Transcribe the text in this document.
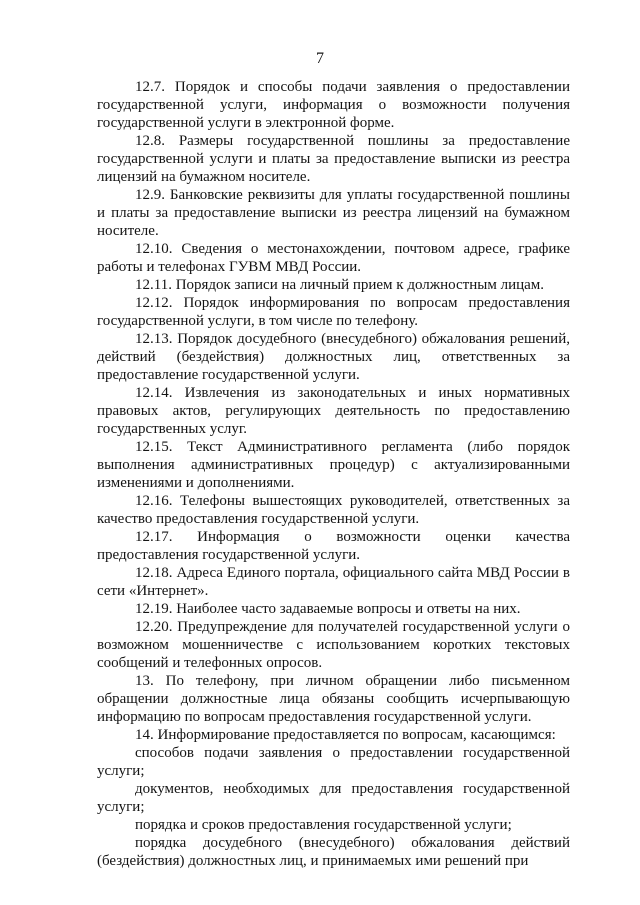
7

12.7. Порядок и способы подачи заявления о предоставлении государственной услуги, информация о возможности получения государственной услуги в электронной форме.

12.8. Размеры государственной пошлины за предоставление государственной услуги и платы за предоставление выписки из реестра лицензий на бумажном носителе.

12.9. Банковские реквизиты для уплаты государственной пошлины и платы за предоставление выписки из реестра лицензий на бумажном носителе.

12.10. Сведения о местонахождении, почтовом адресе, графике работы и телефонах ГУВМ МВД России.

12.11. Порядок записи на личный прием к должностным лицам.

12.12. Порядок информирования по вопросам предоставления государственной услуги, в том числе по телефону.

12.13. Порядок досудебного (внесудебного) обжалования решений, действий (бездействия) должностных лиц, ответственных за предоставление государственной услуги.

12.14. Извлечения из законодательных и иных нормативных правовых актов, регулирующих деятельность по предоставлению государственных услуг.

12.15. Текст Административного регламента (либо порядок выполнения административных процедур) с актуализированными изменениями и дополнениями.

12.16. Телефоны вышестоящих руководителей, ответственных за качество предоставления государственной услуги.

12.17. Информация о возможности оценки качества предоставления государственной услуги.

12.18. Адреса Единого портала, официального сайта МВД России в сети «Интернет».

12.19. Наиболее часто задаваемые вопросы и ответы на них.

12.20. Предупреждение для получателей государственной услуги о возможном мошенничестве с использованием коротких текстовых сообщений и телефонных опросов.

13. По телефону, при личном обращении либо письменном обращении должностные лица обязаны сообщить исчерпывающую информацию по вопросам предоставления государственной услуги.

14. Информирование предоставляется по вопросам, касающимся:

способов подачи заявления о предоставлении государственной услуги;

документов, необходимых для предоставления государственной услуги;

порядка и сроков предоставления государственной услуги;

порядка досудебного (внесудебного) обжалования действий (бездействия) должностных лиц, и принимаемых ими решений при
